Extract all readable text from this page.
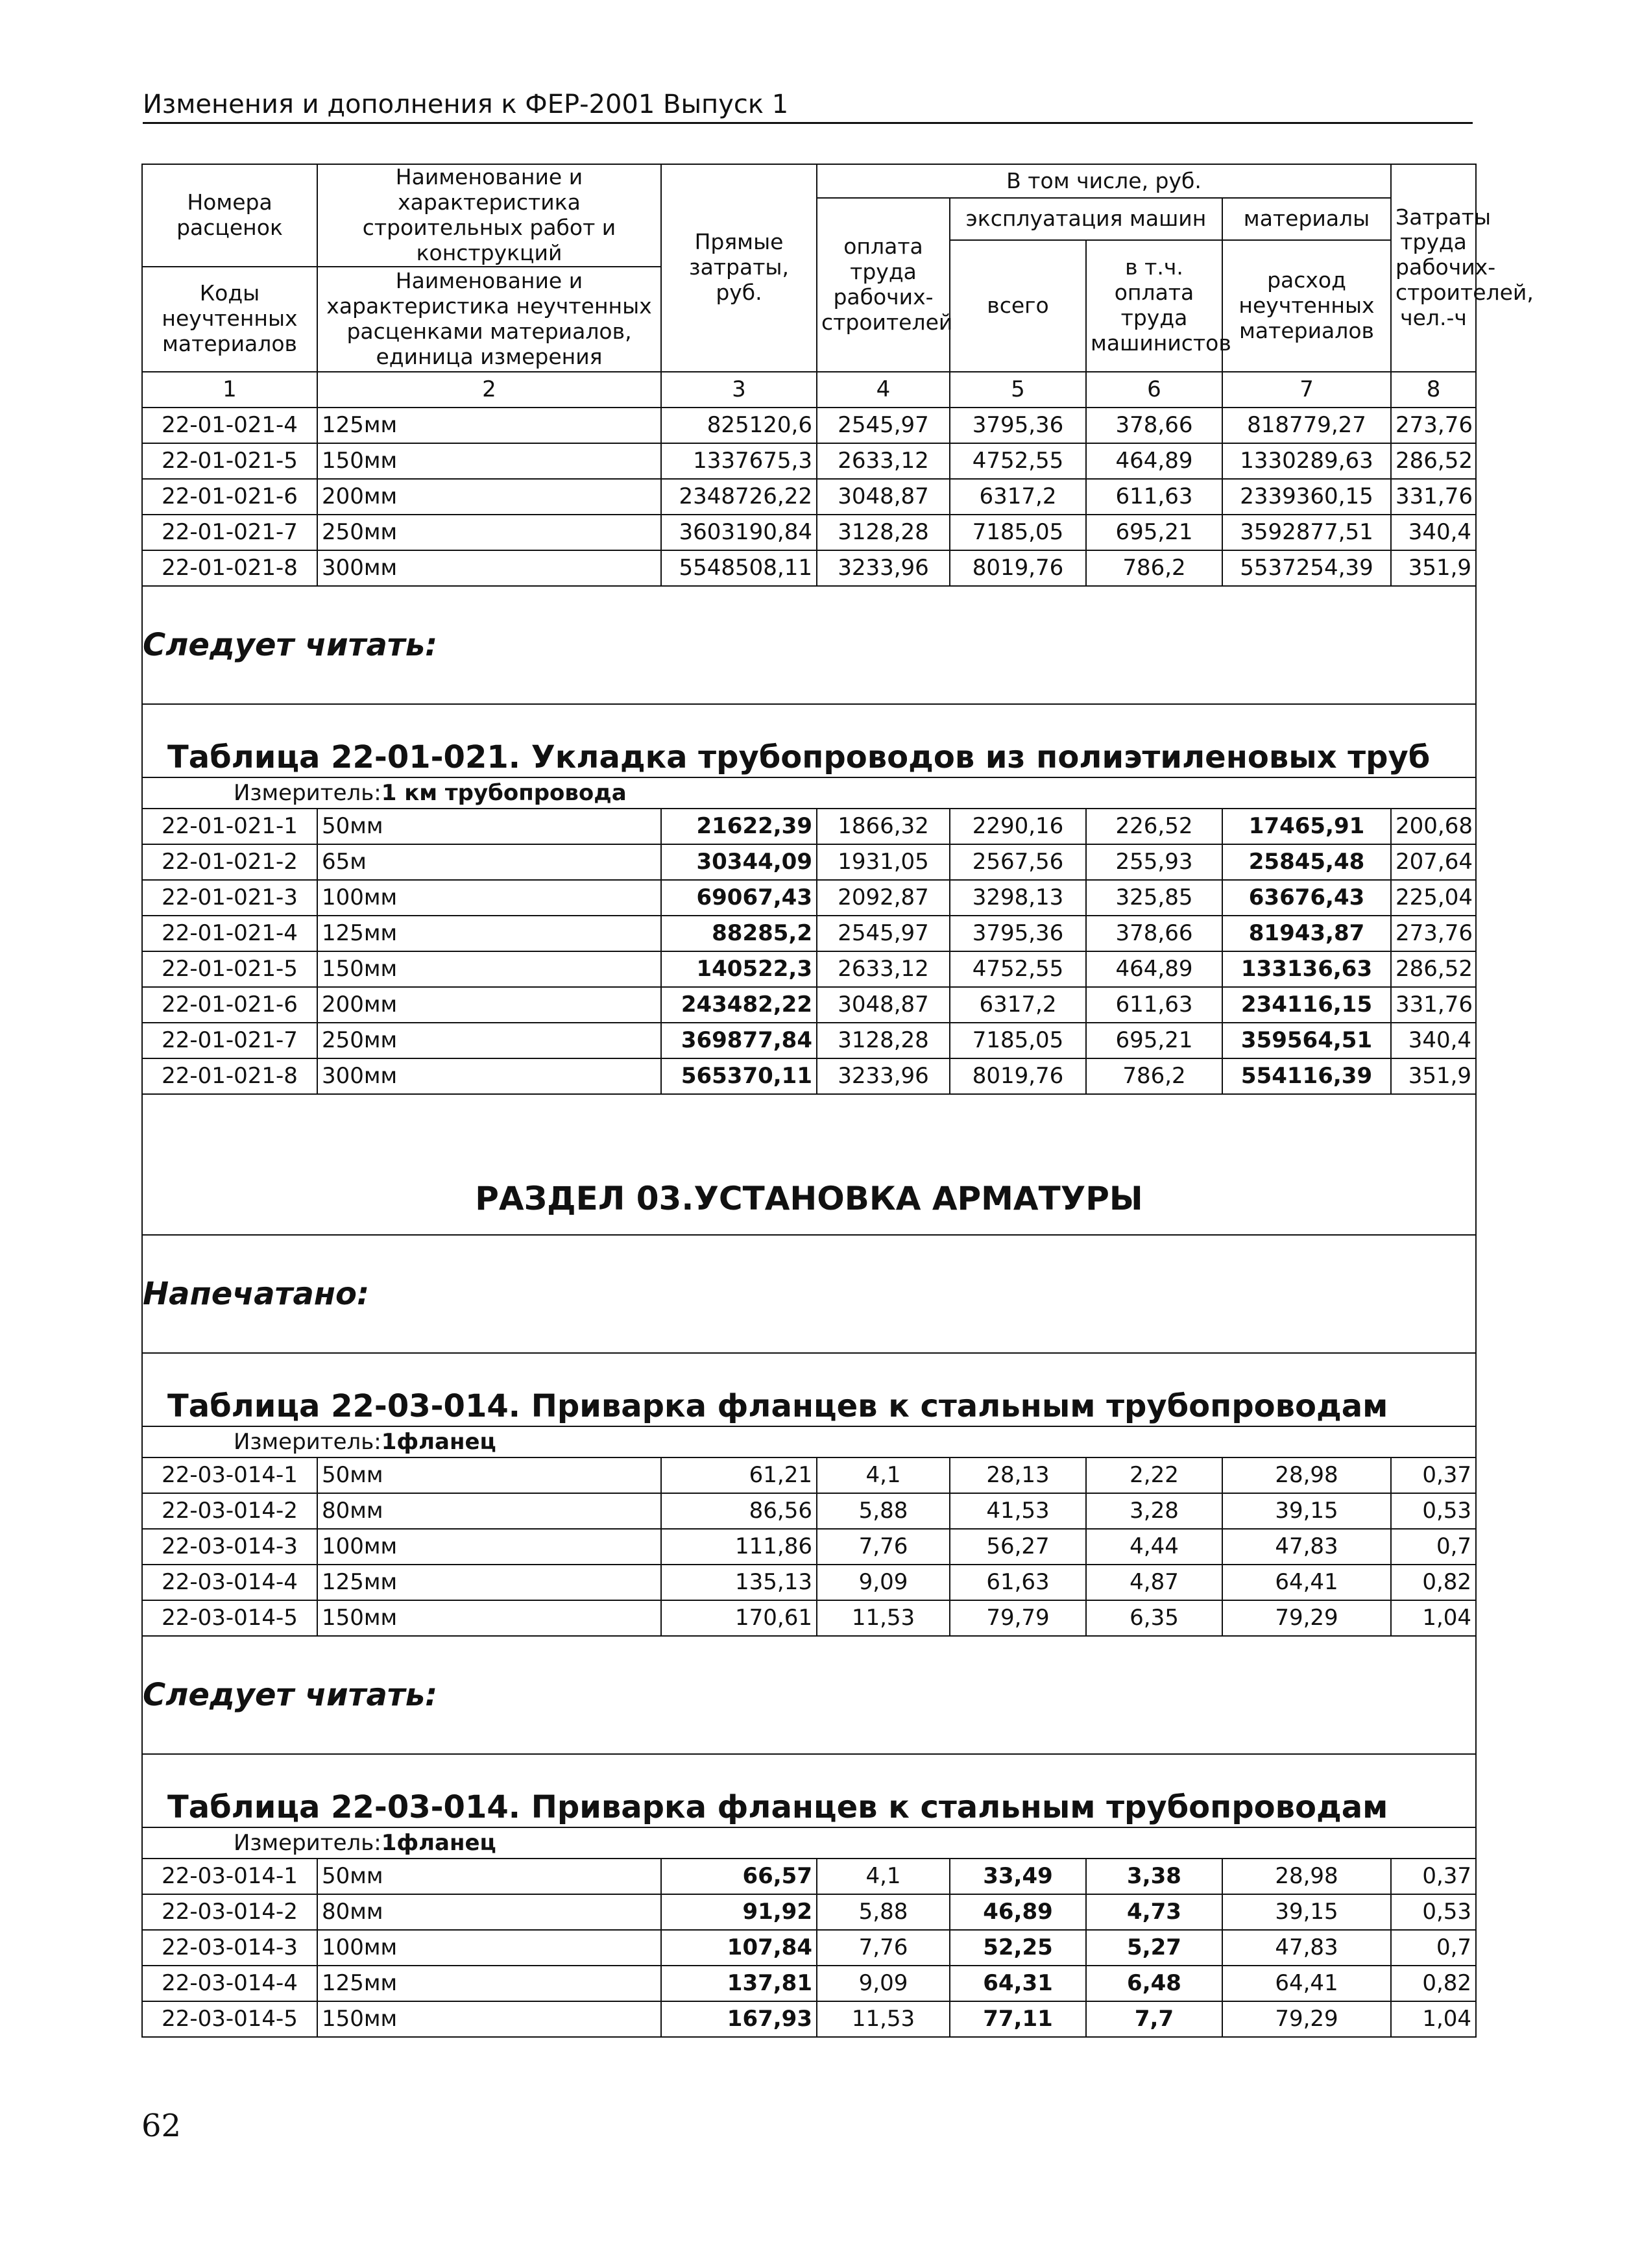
Изменения и дополнения к ФЕР-2001 Выпуск 1
Номера расценок	Наименование и характеристика строительных работ и конструкций	Прямые затраты, руб.	В том числе, руб.				Затраты труда рабочих-строителей, чел.-ч
			оплата труда рабочих-строителей	эксплуатация машин		материалы	
				всего	в т.ч. оплата труда машинистов	расход неучтенных материалов	
Коды неучтенных материалов	Наименование и характеристика неучтенных расценками материалов, единица измерения						

1	2	3	4	5	6	7	8
22-01-021-4	125мм	825120,6	2545,97	3795,36	378,66	818779,27	273,76
22-01-021-5	150мм	1337675,3	2633,12	4752,55	464,89	1330289,63	286,52
22-01-021-6	200мм	2348726,22	3048,87	6317,2	611,63	2339360,15	331,76
22-01-021-7	250мм	3603190,84	3128,28	7185,05	695,21	3592877,51	340,4
22-01-021-8	300мм	5548508,11	3233,96	8019,76	786,2	5537254,39	351,9
Следует читать:							
Таблица 22-01-021. Укладка трубопроводов из полиэтиленовых труб							
Измеритель:1 км трубопровода							
22-01-021-1	50мм	21622,39	1866,32	2290,16	226,52	17465,91	200,68
22-01-021-2	65м	30344,09	1931,05	2567,56	255,93	25845,48	207,64
22-01-021-3	100мм	69067,43	2092,87	3298,13	325,85	63676,43	225,04
22-01-021-4	125мм	88285,2	2545,97	3795,36	378,66	81943,87	273,76
22-01-021-5	150мм	140522,3	2633,12	4752,55	464,89	133136,63	286,52
22-01-021-6	200мм	243482,22	3048,87	6317,2	611,63	234116,15	331,76
22-01-021-7	250мм	369877,84	3128,28	7185,05	695,21	359564,51	340,4
22-01-021-8	300мм	565370,11	3233,96	8019,76	786,2	554116,39	351,9
РАЗДЕЛ 03.УСТАНОВКА АРМАТУРЫ							
Напечатано:							
Таблица 22-03-014. Приварка фланцев к стальным трубопроводам							
Измеритель:1фланец							
22-03-014-1	50мм	61,21	4,1	28,13	2,22	28,98	0,37
22-03-014-2	80мм	86,56	5,88	41,53	3,28	39,15	0,53
22-03-014-3	100мм	111,86	7,76	56,27	4,44	47,83	0,7
22-03-014-4	125мм	135,13	9,09	61,63	4,87	64,41	0,82
22-03-014-5	150мм	170,61	11,53	79,79	6,35	79,29	1,04
Следует читать:							
Таблица 22-03-014. Приварка фланцев к стальным трубопроводам							
Измеритель:1фланец							
22-03-014-1	50мм	66,57	4,1	33,49	3,38	28,98	0,37
22-03-014-2	80мм	91,92	5,88	46,89	4,73	39,15	0,53
22-03-014-3	100мм	107,84	7,76	52,25	5,27	47,83	0,7
22-03-014-4	125мм	137,81	9,09	64,31	6,48	64,41	0,82
22-03-014-5	150мм	167,93	11,53	77,11	7,7	79,29	1,04
62
